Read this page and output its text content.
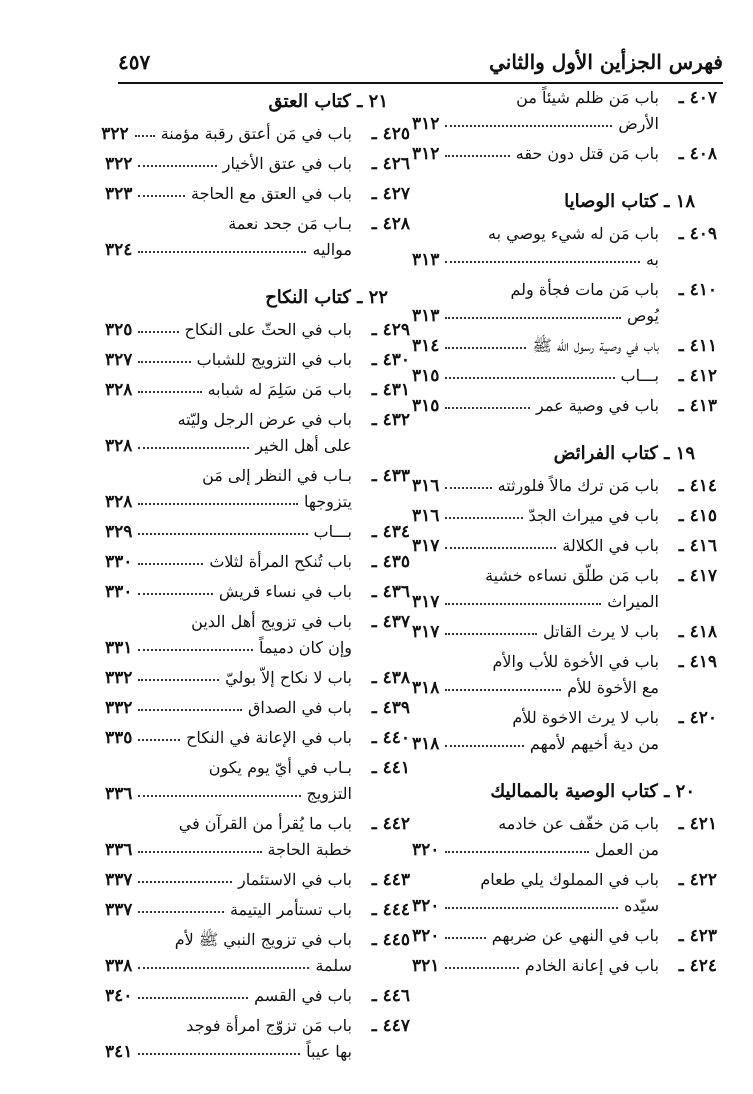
فهرس الجزأين الأول والثاني
٤٥٧
٤٠٧ ـ
باب مَن ظلم شيئاً من
الأرض
٣١٢
٤٠٨ ـ
باب مَن قتل دون حقه
٣١٢
١٨ ـ كتاب الوصايا
٤٠٩ ـ
باب مَن له شيء يوصي به
به
٣١٣
٤١٠ ـ
باب مَن مات فجأة ولم
يُوص
٣١٣
٤١١ ـ
باب في وصية رسول الله ﷺ
٣١٤
٤١٢ ـ
بـــاب
٣١٥
٤١٣ ـ
باب في وصية عمر
٣١٥
١٩ ـ كتاب الفرائض
٤١٤ ـ
باب مَن ترك مالاً فلورثته
٣١٦
٤١٥ ـ
باب في ميراث الجدّ
٣١٦
٤١٦ ـ
باب في الكلالة
٣١٧
٤١٧ ـ
باب مَن طلّق نساءه خشية
الميراث
٣١٧
٤١٨ ـ
باب لا يرث القاتل
٣١٧
٤١٩ ـ
باب في الأخوة للأب والأم
مع الأخوة للأم
٣١٨
٤٢٠ ـ
باب لا يرث الاخوة للأم
من دية أخيهم لأمهم
٣١٨
٢٠ ـ كتاب الوصية بالمماليك
٤٢١ ـ
باب مَن خفّف عن خادمه
من العمل
٣٢٠
٤٢٢ ـ
باب في المملوك يلي طعام
سيّده
٣٢٠
٤٢٣ ـ
باب في النهي عن ضربهم
٣٢٠
٤٢٤ ـ
باب في إعانة الخادم
٣٢١
٢١ ـ كتاب العتق
٤٢٥ ـ
باب في مَن أعتق رقبة مؤمنة
٣٢٢
٤٢٦ ـ
باب في عتق الأخيار
٣٢٢
٤٢٧ ـ
باب في العتق مع الحاجة
٣٢٣
٤٢٨ ـ
بـاب مَن جحد نعمة
مواليه
٣٢٤
٢٢ ـ كتاب النكاح
٤٢٩ ـ
باب في الحثّ على النكاح
٣٢٥
٤٣٠ ـ
باب في التزويج للشباب
٣٢٧
٤٣١ ـ
باب مَن سَلِمَ له شبابه
٣٢٨
٤٣٢ ـ
باب في عرض الرجل وليّته
على أهل الخير
٣٢٨
٤٣٣ ـ
بـاب في النظر إلى مَن
يتزوجها
٣٢٨
٤٣٤ ـ
بـــاب
٣٢٩
٤٣٥ ـ
باب تُنكح المرأة لثلاث
٣٣٠
٤٣٦ ـ
باب في نساء قريش
٣٣٠
٤٣٧ ـ
باب في تزويج أهل الدين
وإن كان دميماً
٣٣١
٤٣٨ ـ
باب لا نكاح إلاّ بوليّ
٣٣٢
٤٣٩ ـ
باب في الصداق
٣٣٢
٤٤٠ ـ
باب في الإعانة في النكاح
٣٣٥
٤٤١ ـ
بـاب في أيّ يوم يكون
التزويج
٣٣٦
٤٤٢ ـ
باب ما يُقرأ من القرآن في
خطبة الحاجة
٣٣٦
٤٤٣ ـ
باب في الاستئمار
٣٣٧
٤٤٤ ـ
باب تستأمر اليتيمة
٣٣٧
٤٤٥ ـ
باب في تزويج النبي ﷺ لأم
سلمة
٣٣٨
٤٤٦ ـ
باب في القسم
٣٤٠
٤٤٧ ـ
باب مَن تزوّج امرأة فوجد
بها عيباً
٣٤١
